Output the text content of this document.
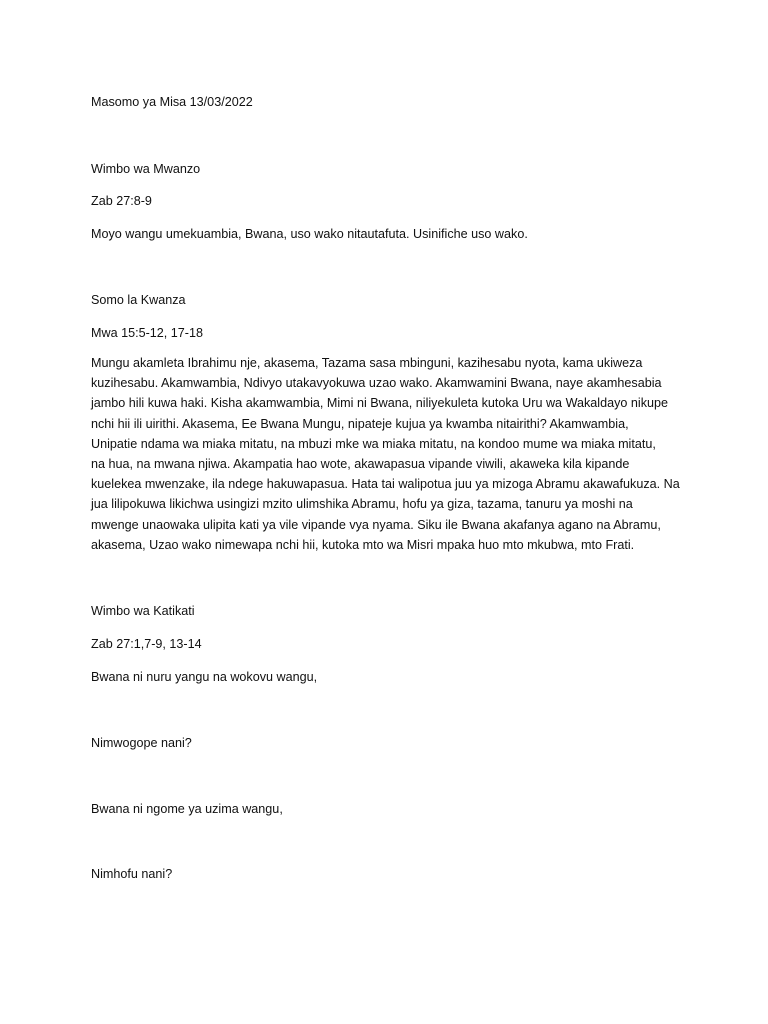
Masomo ya Misa 13/03/2022
Wimbo wa Mwanzo
Zab 27:8-9
Moyo wangu umekuambia, Bwana, uso wako nitautafuta. Usinifiche uso wako.
Somo la Kwanza
Mwa 15:5-12, 17-18
Mungu akamleta Ibrahimu nje, akasema, Tazama sasa mbinguni, kazihesabu nyota, kama ukiweza
kuzihesabu. Akamwambia, Ndivyo utakavyokuwa uzao wako. Akamwamini Bwana, naye akamhesabia
jambo hili kuwa haki. Kisha akamwambia, Mimi ni Bwana, niliyekuleta kutoka Uru wa Wakaldayo nikupe
nchi hii ili uirithi. Akasema, Ee Bwana Mungu, nipateje kujua ya kwamba nitairithi? Akamwambia,
Unipatie ndama wa miaka mitatu, na mbuzi mke wa miaka mitatu, na kondoo mume wa miaka mitatu,
na hua, na mwana njiwa. Akampatia hao wote, akawapasua vipande viwili, akaweka kila kipande
kuelekea mwenzake, ila ndege hakuwapasua. Hata tai walipotua juu ya mizoga Abramu akawafukuza. Na
jua lilipokuwa likichwa usingizi mzito ulimshika Abramu, hofu ya giza, tazama, tanuru ya moshi na
mwenge unaowaka ulipita kati ya vile vipande vya nyama. Siku ile Bwana akafanya agano na Abramu,
akasema, Uzao wako nimewapa nchi hii, kutoka mto wa Misri mpaka huo mto mkubwa, mto Frati.
Wimbo wa Katikati
Zab 27:1,7-9, 13-14
Bwana ni nuru yangu na wokovu wangu,
Nimwogope nani?
Bwana ni ngome ya uzima wangu,
Nimhofu nani?
